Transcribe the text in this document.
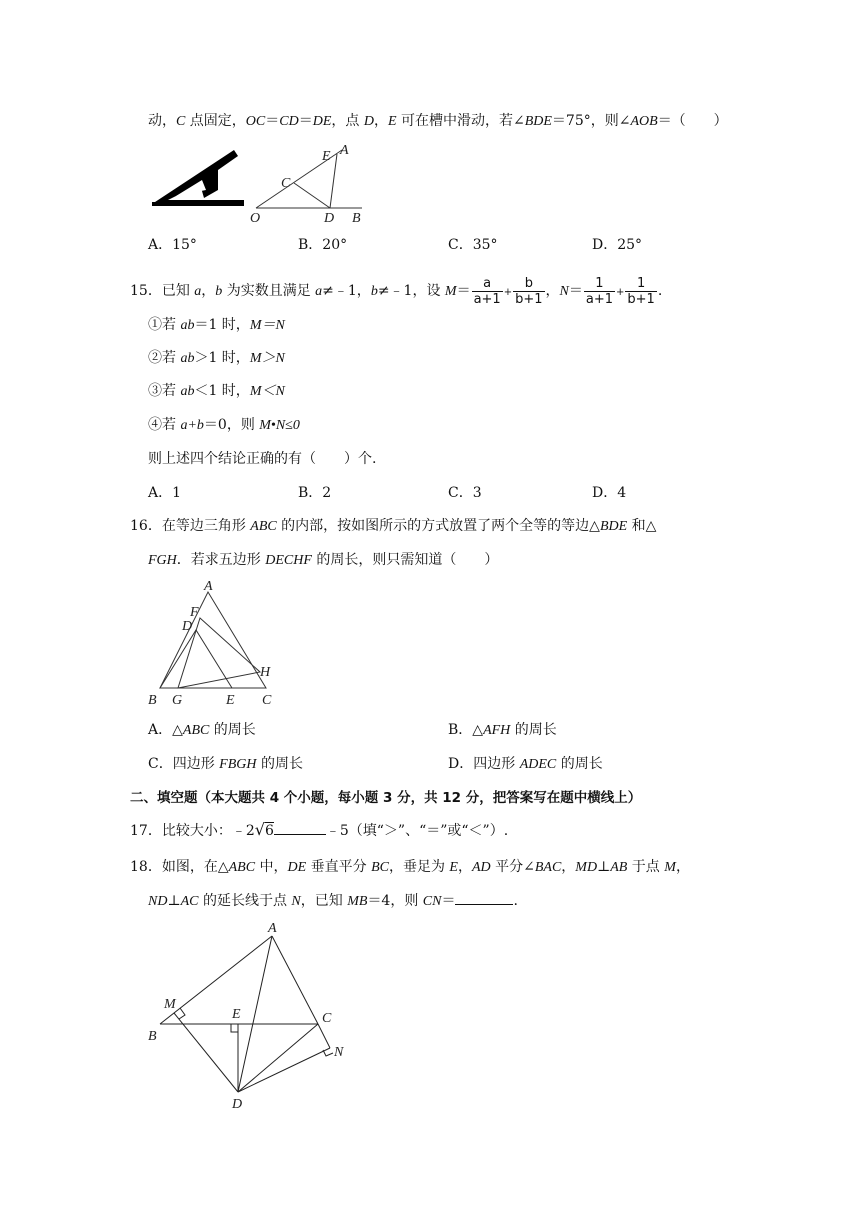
动，C 点固定，OC＝CD＝DE，点 D，E 可在槽中滑动，若∠BDE＝75°，则∠AOB＝（　　）
E A
C
O	D B
A．15°	B．20°	C．35°	D．25°
15．已知 a，b 为实数且满足 a≠﹣1，b≠﹣1，设 $M= \frac{a}{a+1} + \frac{b}{b+1}$ ，$N= \frac{1}{a+1} + \frac{1}{b+1}$ .
①若 ab＝1 时，M＝N
②若 ab＞1 时，M＞N
③若 ab＜1 时，M＜N
④若 a+b＝0，则 M•N≤0
则上述四个结论正确的有（　　）个.
A．1	B．2	C．3	D．4
16．在等边三角形 ABC 的内部，按如图所示的方式放置了两个全等的等边△BDE 和△
FGH．若求五边形 DECHF 的周长，则只需知道（　　）
A
F
D
H
B G	E C
A．△ABC 的周长	B．△AFH 的周长
C．四边形 FBGH 的周长	D．四边形 ADEC 的周长
二、填空题（本大题共 4 个小题，每小题 3 分，共 12 分，把答案写在题中横线上）
17．比较大小：﹣2√6	﹣5（填“＞”、“＝”或“＜”）.
18．如图，在△ABC 中，DE 垂直平分 BC，垂足为 E，AD 平分∠BAC，MD⊥AB 于点 M，
ND⊥AC 的延长线于点 N，已知 MB＝4，则 CN＝	.
A
M
E	C
B
N
D
